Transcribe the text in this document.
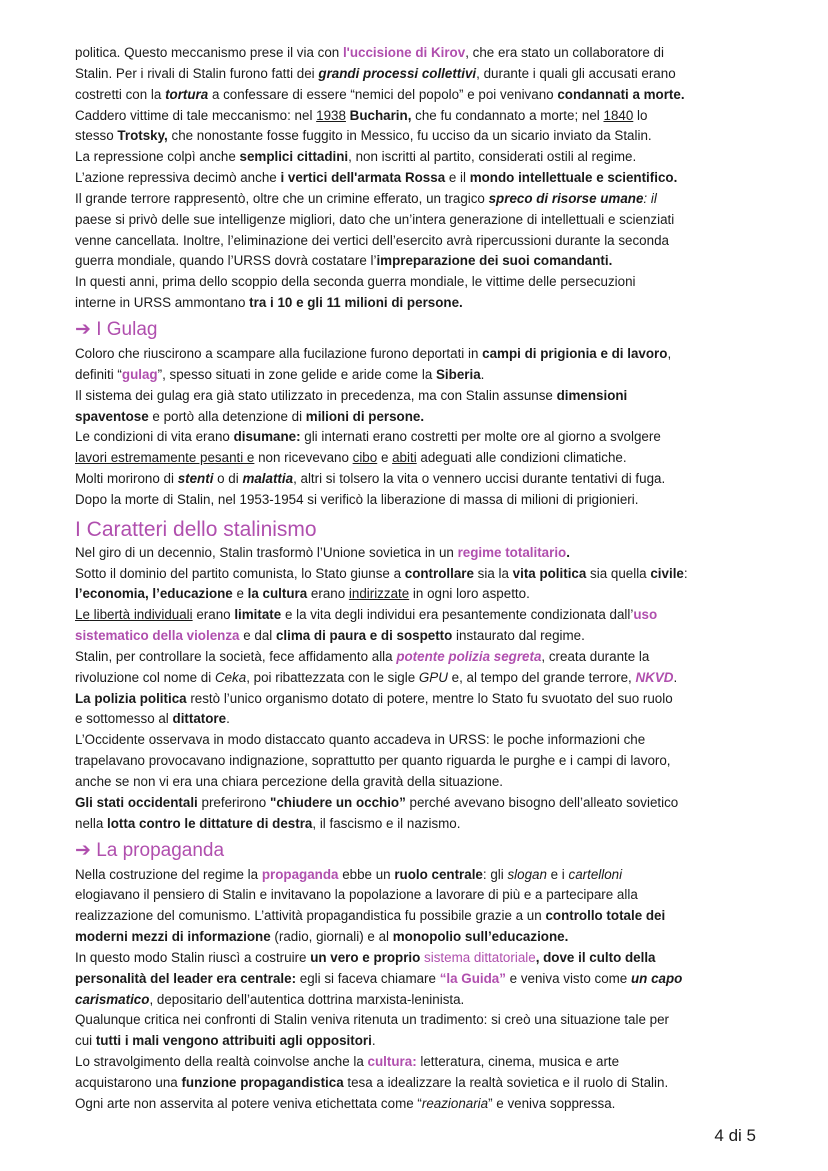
politica. Questo meccanismo prese il via con l'uccisione di Kirov, che era stato un collaboratore di

Stalin. Per i rivali di Stalin furono fatti dei grandi processi collettivi, durante i quali gli accusati erano

costretti con la tortura a confessare di essere “nemici del popolo” e poi venivano condannati a morte.

Caddero vittime di tale meccanismo: nel 1938 Bucharin, che fu condannato a morte; nel 1840 lo

stesso Trotsky, che nonostante fosse fuggito in Messico, fu ucciso da un sicario inviato da Stalin.

La repressione colpì anche semplici cittadini, non iscritti al partito, considerati ostili al regime.

L’azione repressiva decimò anche i vertici dell'armata Rossa e il mondo intellettuale e scientifico.

Il grande terrore rappresentò, oltre che un crimine efferato, un tragico spreco di risorse umane: il

paese si privò delle sue intelligenze migliori, dato che un’intera generazione di intellettuali e scienziati

venne cancellata. Inoltre, l’eliminazione dei vertici dell’esercito avrà ripercussioni durante la seconda

guerra mondiale, quando l’URSS dovrà costatare l’impreparazione dei suoi comandanti.

In questi anni, prima dello scoppio della seconda guerra mondiale, le vittime delle persecuzioni

interne in URSS ammontano tra i 10 e gli 11 milioni di persone.

➔ I Gulag

Coloro che riuscirono a scampare alla fucilazione furono deportati in campi di prigionia e di lavoro,

definiti “gulag”, spesso situati in zone gelide e aride come la Siberia.

Il sistema dei gulag era già stato utilizzato in precedenza, ma con Stalin assunse dimensioni

spaventose e portò alla detenzione di milioni di persone.

Le condizioni di vita erano disumane: gli internati erano costretti per molte ore al giorno a svolgere

lavori estremamente pesanti e non ricevevano cibo e abiti adeguati alle condizioni climatiche.

Molti morirono di stenti o di malattia, altri si tolsero la vita o vennero uccisi durante tentativi di fuga.

Dopo la morte di Stalin, nel 1953-1954 si verificò la liberazione di massa di milioni di prigionieri.

I Caratteri dello stalinismo

Nel giro di un decennio, Stalin trasformò l’Unione sovietica in un regime totalitario.

Sotto il dominio del partito comunista, lo Stato giunse a controllare sia la vita politica sia quella civile:

l’economia, l’educazione e la cultura erano indirizzate in ogni loro aspetto.

Le libertà individuali erano limitate e la vita degli individui era pesantemente condizionata dall’uso

sistematico della violenza e dal clima di paura e di sospetto instaurato dal regime.

Stalin, per controllare la società, fece affidamento alla potente polizia segreta, creata durante la

rivoluzione col nome di Ceka, poi ribattezzata con le sigle GPU e, al tempo del grande terrore, NKVD.

La polizia politica restò l’unico organismo dotato di potere, mentre lo Stato fu svuotato del suo ruolo

e sottomesso al dittatore.

L’Occidente osservava in modo distaccato quanto accadeva in URSS: le poche informazioni che

trapelavano provocavano indignazione, soprattutto per quanto riguarda le purghe e i campi di lavoro,

anche se non vi era una chiara percezione della gravità della situazione.

Gli stati occidentali preferirono "chiudere un occhio” perché avevano bisogno dell’alleato sovietico

nella lotta contro le dittature di destra, il fascismo e il nazismo.

➔ La propaganda

Nella costruzione del regime la propaganda ebbe un ruolo centrale: gli slogan e i cartelloni

elogiavano il pensiero di Stalin e invitavano la popolazione a lavorare di più e a partecipare alla

realizzazione del comunismo. L’attività propagandistica fu possibile grazie a un controllo totale dei

moderni mezzi di informazione (radio, giornali) e al monopolio sull’educazione.

In questo modo Stalin riuscì a costruire un vero e proprio sistema dittatoriale, dove il culto della

personalità del leader era centrale: egli si faceva chiamare “la Guida” e veniva visto come un capo

carismatico, depositario dell’autentica dottrina marxista-leninista.

Qualunque critica nei confronti di Stalin veniva ritenuta un tradimento: si creò una situazione tale per

cui tutti i mali vengono attribuiti agli oppositori.

Lo stravolgimento della realtà coinvolse anche la cultura: letteratura, cinema, musica e arte

acquistarono una funzione propagandistica tesa a idealizzare la realtà sovietica e il ruolo di Stalin.

Ogni arte non asservita al potere veniva etichettata come “reazionaria” e veniva soppressa.

4 di 5
